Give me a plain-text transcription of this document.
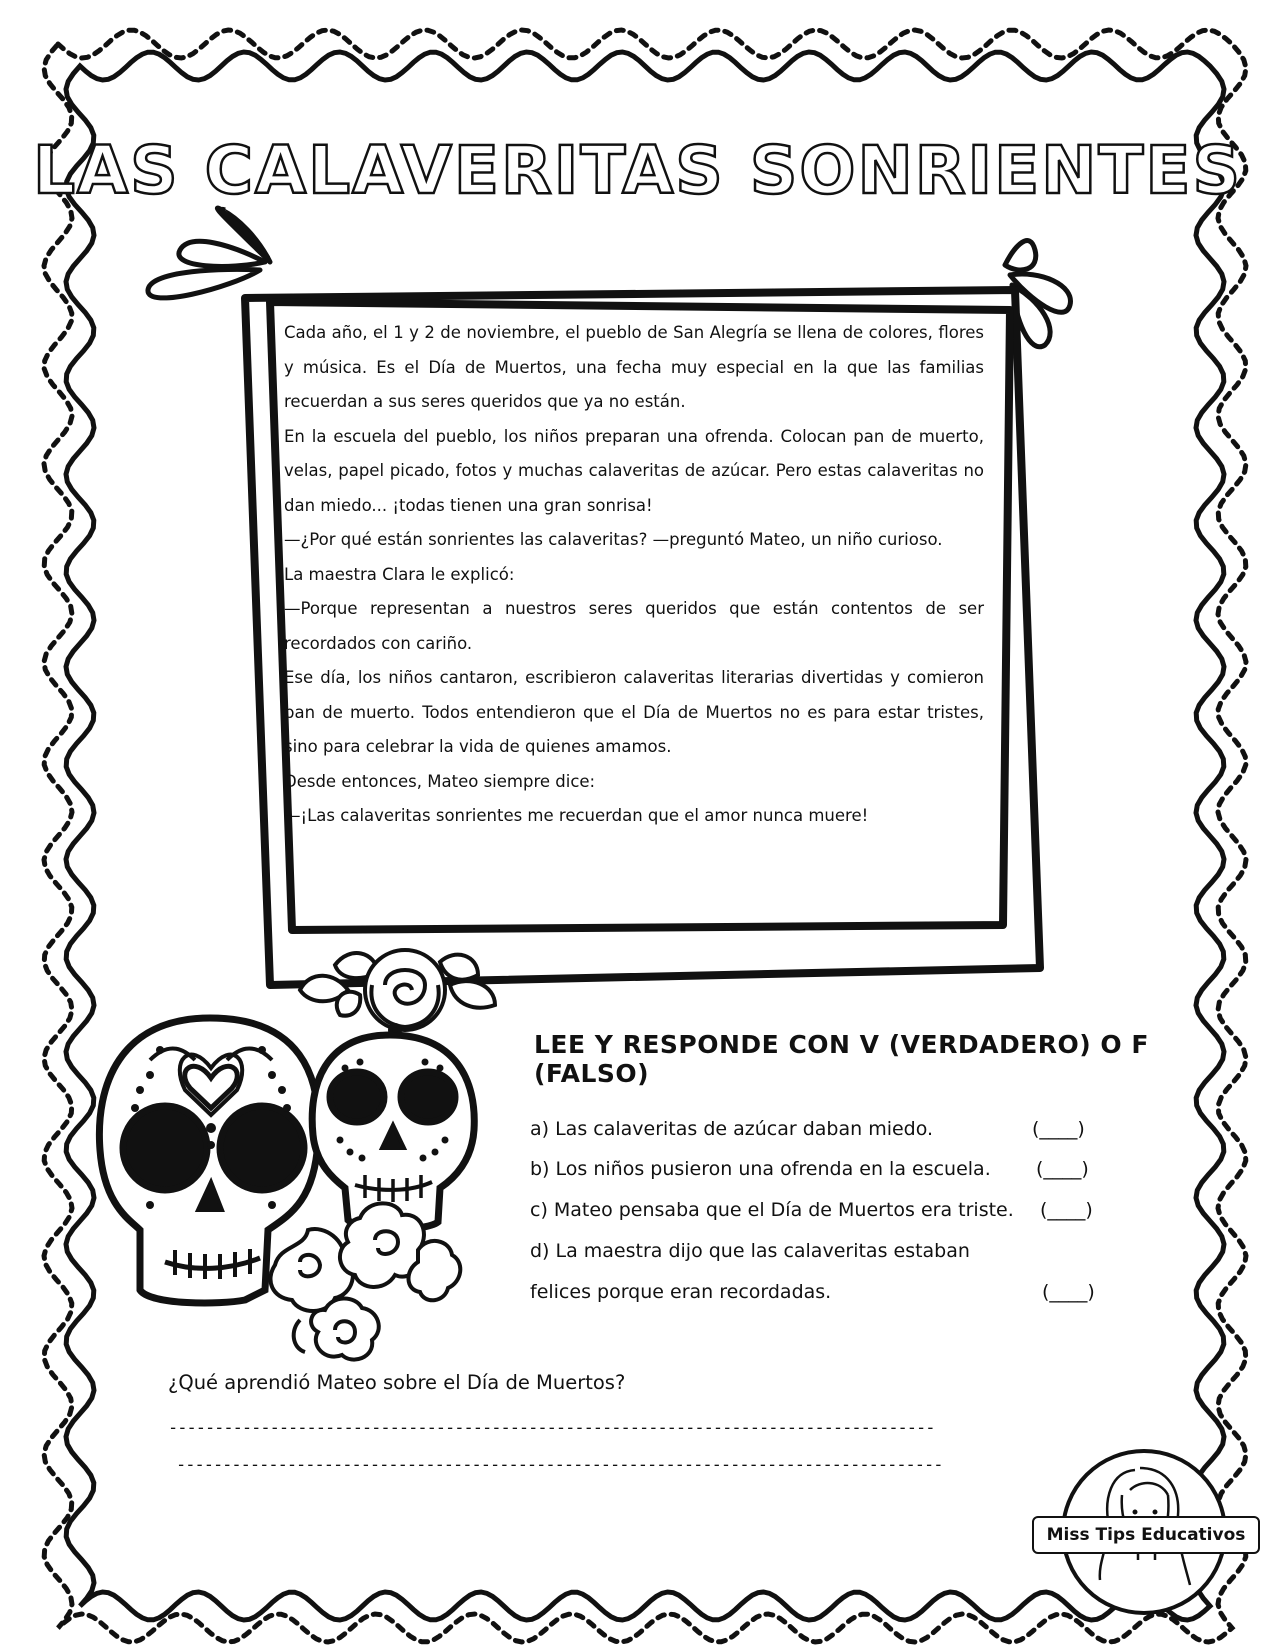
LAS CALAVERITAS SONRIENTES

Cada año, el 1 y 2 de noviembre, el pueblo de San Alegría se llena de colores, flores y música. Es el Día de Muertos, una fecha muy especial en la que las familias recuerdan a sus seres queridos que ya no están.

En la escuela del pueblo, los niños preparan una ofrenda. Colocan pan de muerto, velas, papel picado, fotos y muchas calaveritas de azúcar. Pero estas calaveritas no dan miedo... ¡todas tienen una gran sonrisa!

—¿Por qué están sonrientes las calaveritas? —preguntó Mateo, un niño curioso.

La maestra Clara le explicó:

—Porque representan a nuestros seres queridos que están contentos de ser recordados con cariño.

Ese día, los niños cantaron, escribieron calaveritas literarias divertidas y comieron pan de muerto. Todos entendieron que el Día de Muertos no es para estar tristes, sino para celebrar la vida de quienes amamos.

Desde entonces, Mateo siempre dice:

—¡Las calaveritas sonrientes me recuerdan que el amor nunca muere!

LEE Y RESPONDE CON V (VERDADERO) O F (FALSO)
a) Las calaveritas de azúcar daban miedo.	(____)
b) Los niños pusieron una ofrenda en la escuela. (____)
c) Mateo pensaba que el Día de Muertos era triste. (____)
d) La maestra dijo que las calaveritas estaban
felices porque eran recordadas.	(____)
¿Qué aprendió Mateo sobre el Día de Muertos?
-----------------------------------------------------------------------------------
-----------------------------------------------------------------------------------
Miss Tips Educativos
